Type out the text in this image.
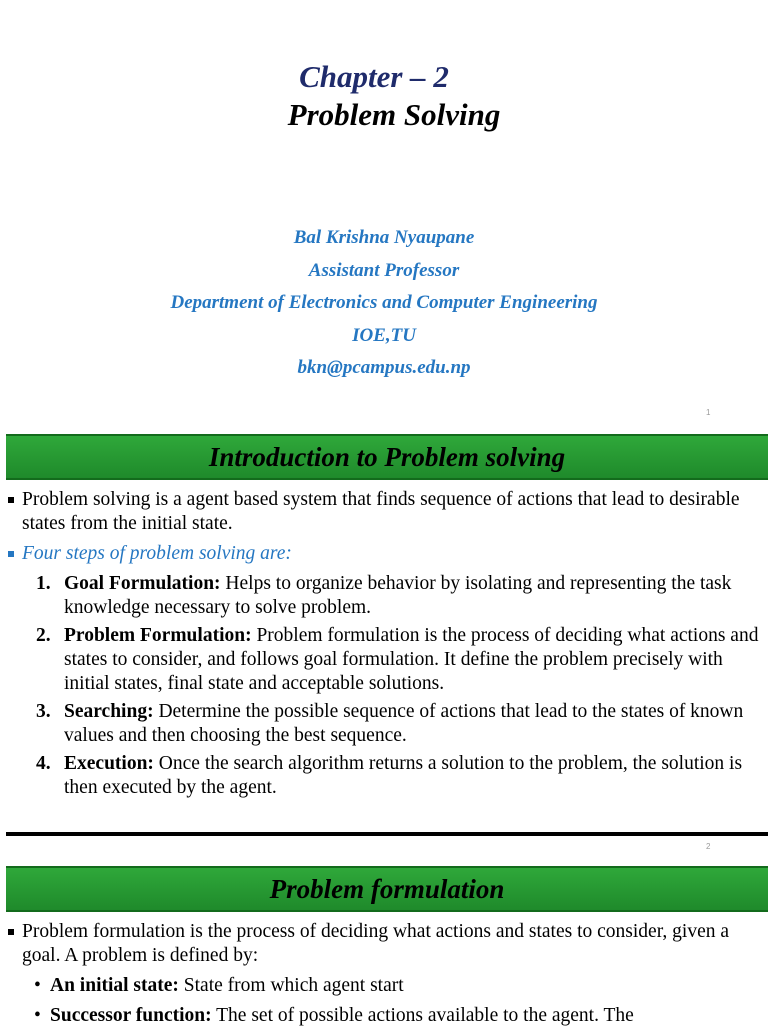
Chapter – 2
Problem Solving
Bal Krishna Nyaupane
Assistant Professor
Department of Electronics and Computer Engineering
IOE,TU
bkn@pcampus.edu.np
1
Introduction to Problem solving

Problem solving is a agent based system that finds sequence of actions that lead to desirable states from the initial state.

Four steps of problem solving are:

1. Goal Formulation: Helps to organize behavior by isolating and representing the task knowledge necessary to solve problem.
2. Problem Formulation: Problem formulation is the process of deciding what actions and states to consider, and follows goal formulation. It define the problem precisely with initial states, final state and acceptable solutions.
3. Searching: Determine the possible sequence of actions that lead to the states of known values and then choosing the best sequence.
4. Execution: Once the search algorithm returns a solution to the problem, the solution is then executed by the agent.
2
Problem formulation

Problem formulation is the process of deciding what actions and states to consider, given a goal. A problem is defined by:

• An initial state: State from which agent start
• Successor function: The set of possible actions available to the agent. The
